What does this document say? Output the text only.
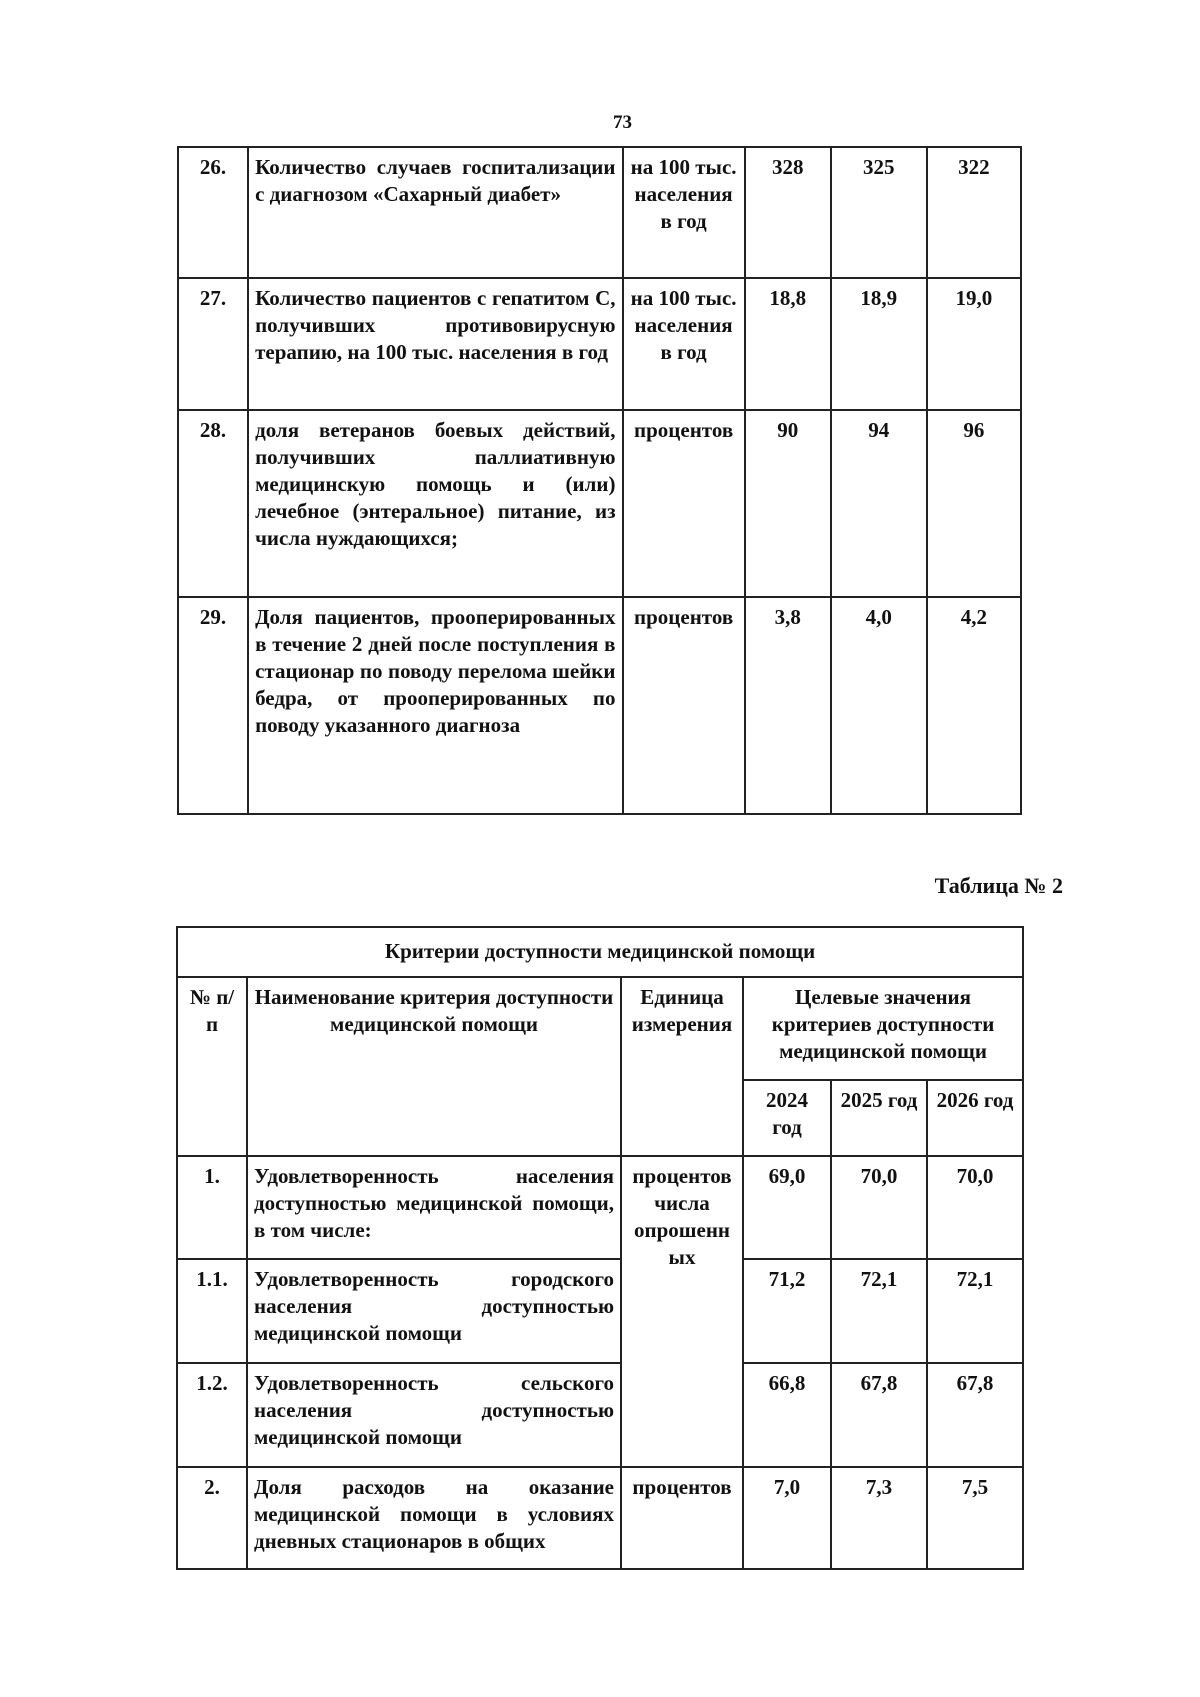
73
26.	Количество случаев госпитализации с диагнозом «Сахарный диабет»	на 100 тыс. населения в год	328	325	322
27.	Количество пациентов с гепатитом С, получивших противовирусную терапию, на 100 тыс. населения в год	на 100 тыс. населения в год	18,8	18,9	19,0
28.	доля ветеранов боевых действий, получивших паллиативную медицинскую помощь и (или) лечебное (энтеральное) питание, из числа нуждающихся;	процентов	90	94	96
29.	Доля пациентов, прооперированных в течение 2 дней после поступления в стационар по поводу перелома шейки бедра, от прооперированных по поводу указанного диагноза	процентов	3,8	4,0	4,2
Таблица № 2
Критерии доступности медицинской помощи					
№ п/п	Наименование критерия доступности медицинской помощи	Единица измерения	Целевые значения критериев доступности медицинской помощи		
			2024 год	2025 год	2026 год
1.	Удовлетворенность населения доступностью медицинской помощи, в том числе:	процентов числа опрошенн ых	69,0	70,0	70,0
1.1.	Удовлетворенность городского населения доступностью медицинской помощи		71,2	72,1	72,1
1.2.	Удовлетворенность сельского населения доступностью медицинской помощи		66,8	67,8	67,8
2.	Доля расходов на оказание медицинской помощи в условиях дневных стационаров в общих	процентов	7,0	7,3	7,5
